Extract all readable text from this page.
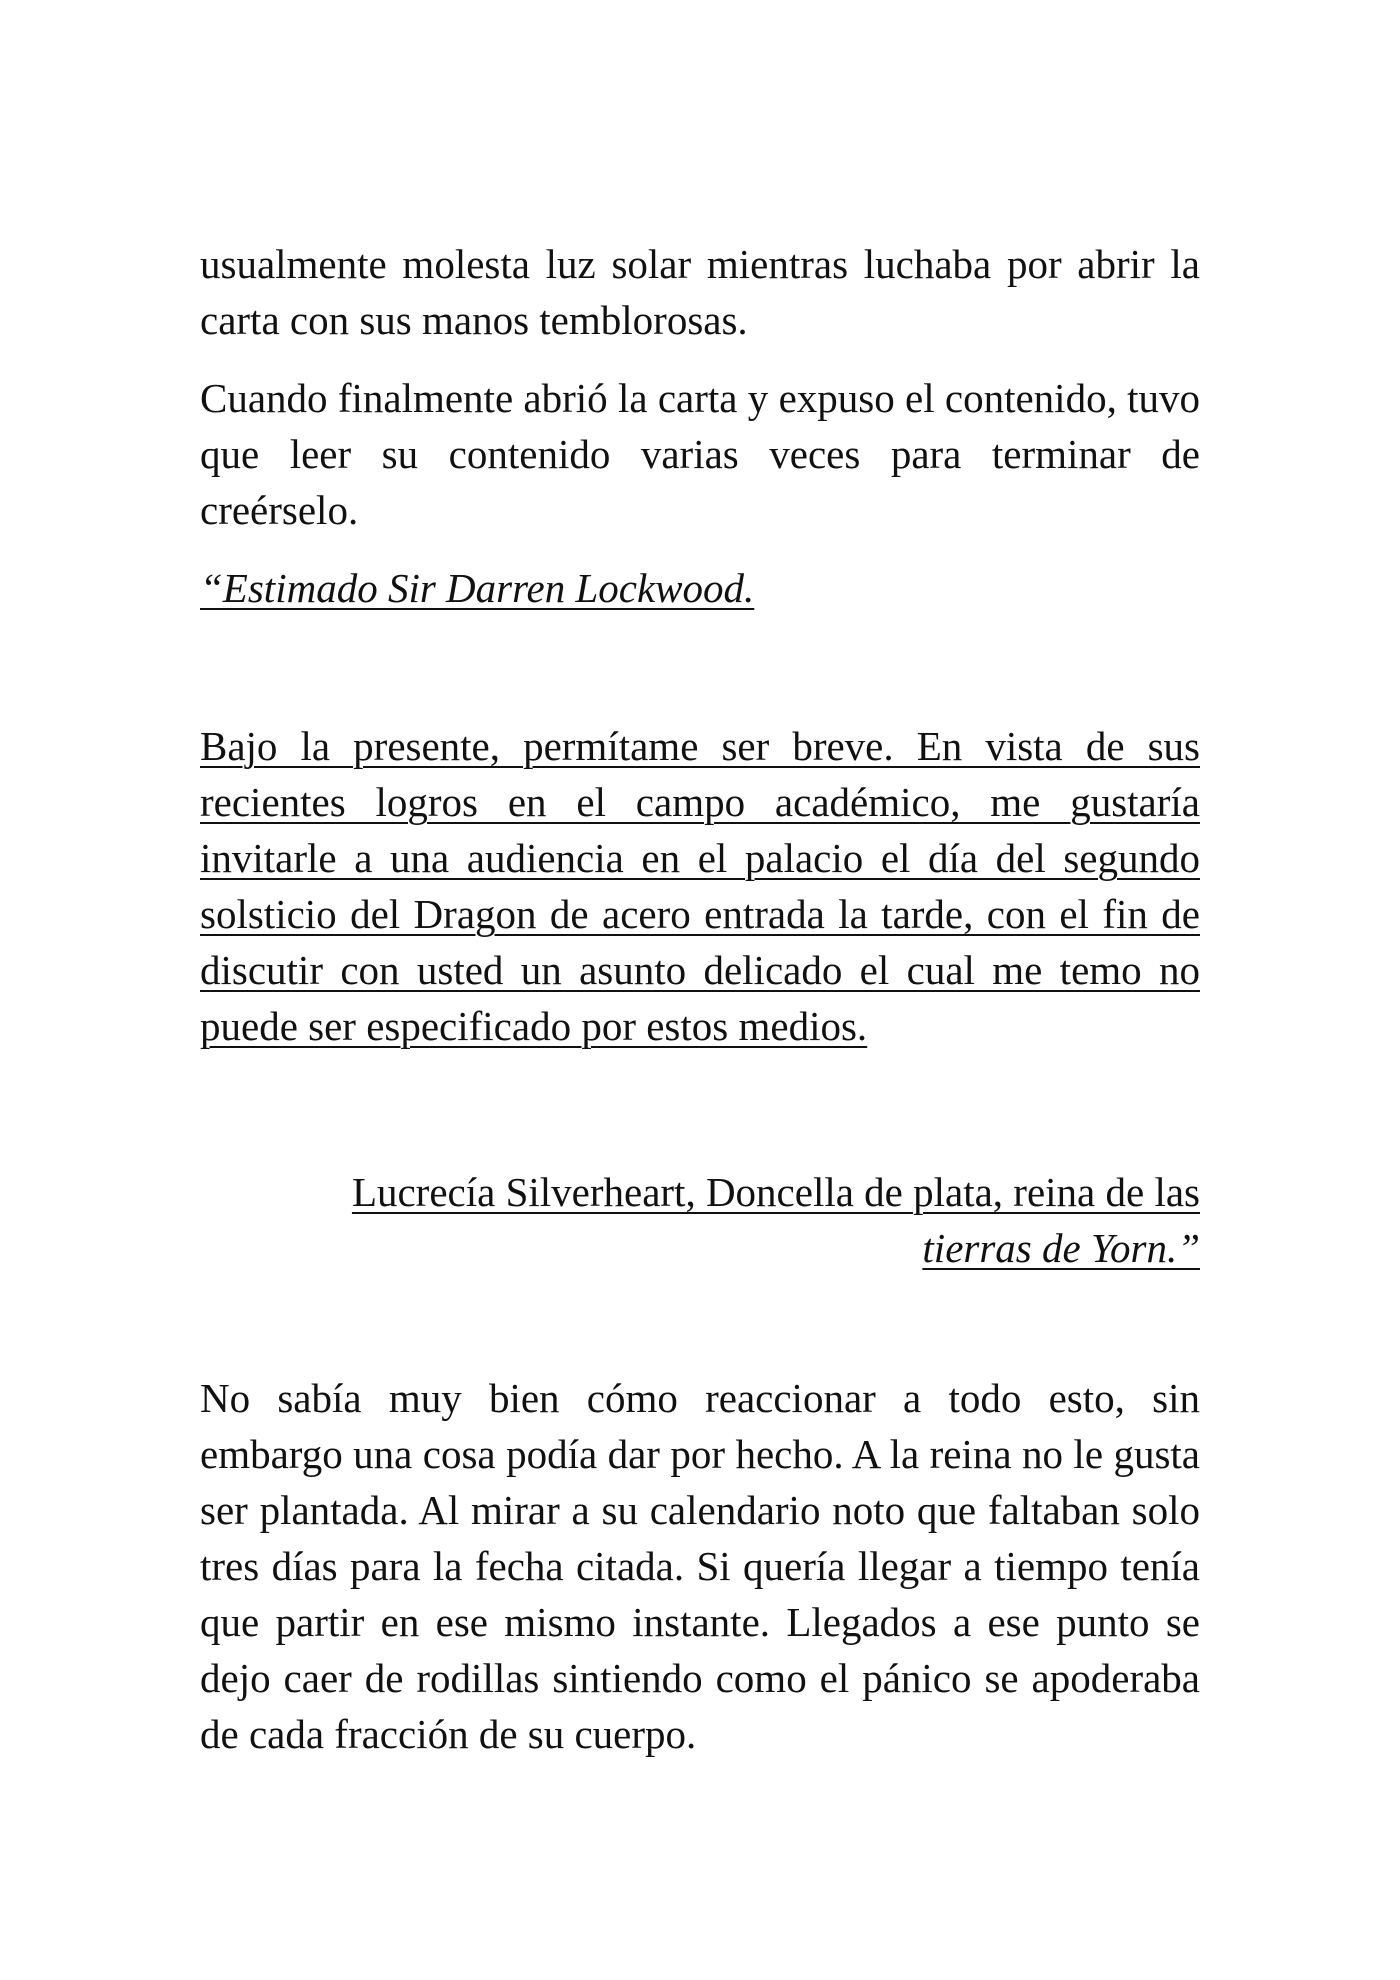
usualmente molesta luz solar mientras luchaba por abrir la carta con sus manos temblorosas.

Cuando finalmente abrió la carta y expuso el contenido, tuvo que leer su contenido varias veces para terminar de creérselo.

“Estimado Sir Darren Lockwood.

Bajo la presente, permítame ser breve. En vista de sus recientes logros en el campo académico, me gustaría invitarle a una audiencia en el palacio el día del segundo solsticio del Dragon de acero entrada la tarde, con el fin de discutir con usted un asunto delicado el cual me temo no puede ser especificado por estos medios.

Lucrecía Silverheart, Doncella de plata, reina de las

tierras de Yorn.”

No sabía muy bien cómo reaccionar a todo esto, sin embargo una cosa podía dar por hecho. A la reina no le gusta ser plantada. Al mirar a su calendario noto que faltaban solo tres días para la fecha citada. Si quería llegar a tiempo tenía que partir en ese mismo instante. Llegados a ese punto se dejo caer de rodillas sintiendo como el pánico se apoderaba de cada fracción de su cuerpo.
